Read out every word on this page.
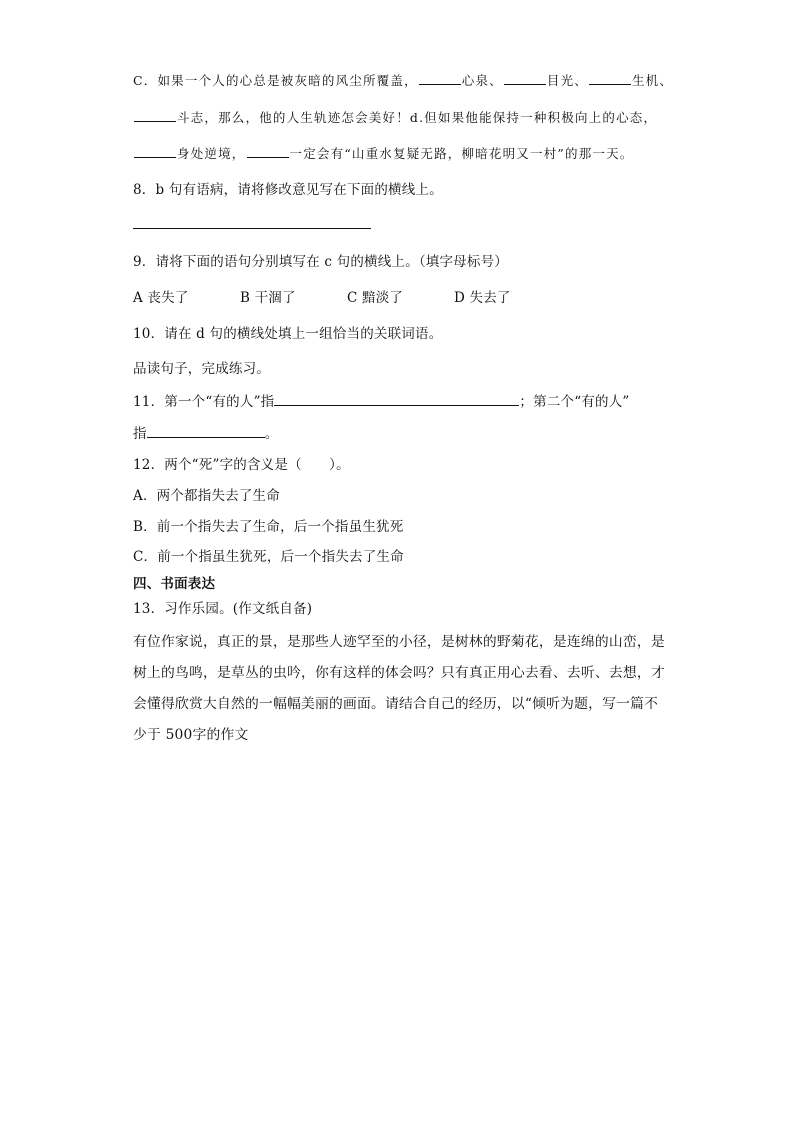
C．如果一个人的心总是被灰暗的风尘所覆盖，	心泉、	目光、	生机、
斗志，那么，他的人生轨迹怎会美好！d.但如果他能保持一种积极向上的心态，
身处逆境，	一定会有“山重水复疑无路，柳暗花明又一村”的那一天。
8．b 句有语病，请将修改意见写在下面的横线上。
9．请将下面的语句分别填写在 c 句的横线上。（填字母标号）
A 丧失了	B 干涸了	C 黯淡了	D 失去了
10．请在 d 句的横线处填上一组恰当的关联词语。
品读句子，完成练习。
11．第一个“有的人”指	；第二个“有的人”
指	。
12．两个“死”字的含义是（　　）。
A．两个都指失去了生命
B．前一个指失去了生命，后一个指虽生犹死
C．前一个指虽生犹死，后一个指失去了生命
四、书面表达
13．习作乐园。(作文纸自备)
有位作家说，真正的景，是那些人迹罕至的小径，是树林的野菊花，是连绵的山峦，是
树上的鸟鸣，是草丛的虫吟，你有这样的体会吗？只有真正用心去看、去听、去想，才
会懂得欣赏大自然的一幅幅美丽的画面。请结合自己的经历，以“倾听为题，写一篇不
少于 500字的作文
